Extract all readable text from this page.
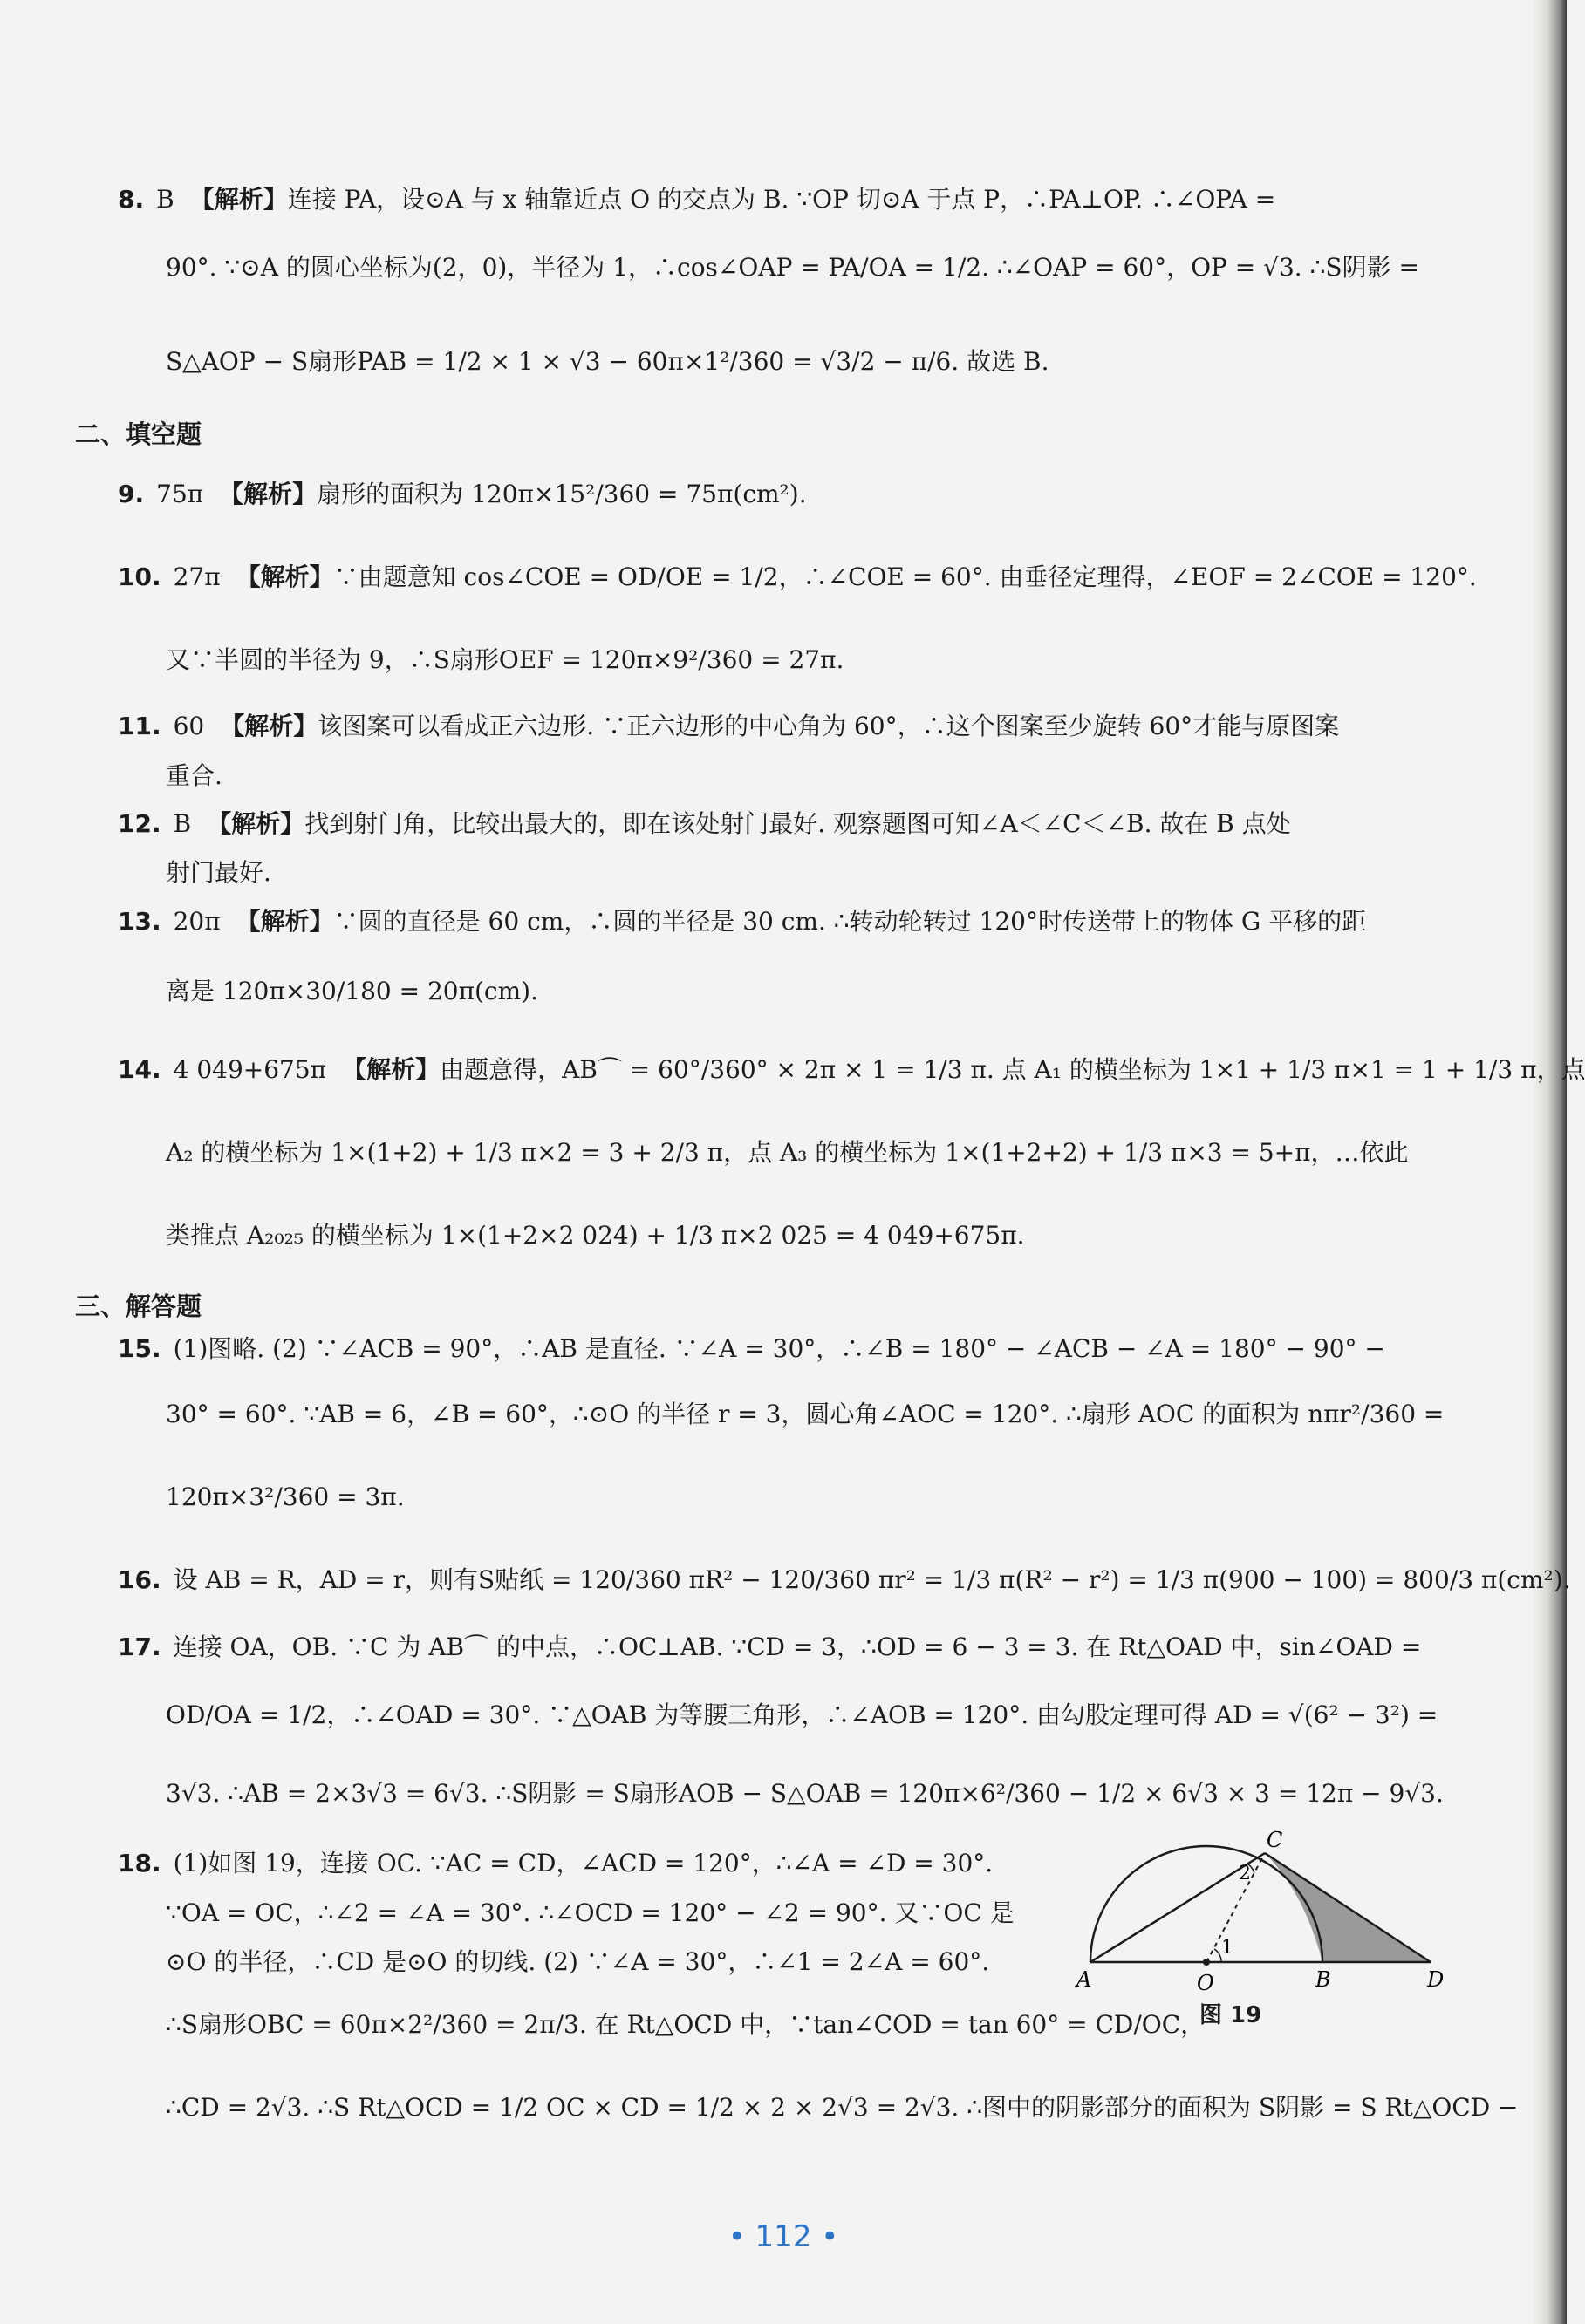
8. B 【解析】连接 PA，设⊙A 与 x 轴靠近点 O 的交点为 B. ∵OP 切⊙A 于点 P，∴PA⊥OP. ∴∠OPA =
90°. ∵⊙A 的圆心坐标为(2，0)，半径为 1，∴cos∠OAP = PA/OA = 1/2. ∴∠OAP = 60°，OP = √3. ∴S阴影 =
S△AOP − S扇形PAB = 1/2 × 1 × √3 − 60π×1²/360 = √3/2 − π/6. 故选 B.
二、填空题
9. 75π 【解析】扇形的面积为 120π×15²/360 = 75π(cm²).
10. 27π 【解析】∵由题意知 cos∠COE = OD/OE = 1/2，∴∠COE = 60°. 由垂径定理得，∠EOF = 2∠COE = 120°.
又∵半圆的半径为 9，∴S扇形OEF = 120π×9²/360 = 27π.
11. 60 【解析】该图案可以看成正六边形. ∵正六边形的中心角为 60°，∴这个图案至少旋转 60°才能与原图案
重合.
12. B 【解析】找到射门角，比较出最大的，即在该处射门最好. 观察题图可知∠A＜∠C＜∠B. 故在 B 点处
射门最好.
13. 20π 【解析】∵圆的直径是 60 cm，∴圆的半径是 30 cm. ∴转动轮转过 120°时传送带上的物体 G 平移的距
离是 120π×30/180 = 20π(cm).
14. 4 049+675π 【解析】由题意得，AB⌒ = 60°/360° × 2π × 1 = 1/3 π. 点 A₁ 的横坐标为 1×1 + 1/3 π×1 = 1 + 1/3 π，点
A₂ 的横坐标为 1×(1+2) + 1/3 π×2 = 3 + 2/3 π，点 A₃ 的横坐标为 1×(1+2+2) + 1/3 π×3 = 5+π，…依此
类推点 A₂₀₂₅ 的横坐标为 1×(1+2×2 024) + 1/3 π×2 025 = 4 049+675π.
三、解答题
15. (1)图略. (2) ∵∠ACB = 90°，∴AB 是直径. ∵∠A = 30°，∴∠B = 180° − ∠ACB − ∠A = 180° − 90° −
30° = 60°. ∵AB = 6，∠B = 60°，∴⊙O 的半径 r = 3，圆心角∠AOC = 120°. ∴扇形 AOC 的面积为 nπr²/360 =
120π×3²/360 = 3π.
16. 设 AB = R，AD = r，则有S贴纸 = 120/360 πR² − 120/360 πr² = 1/3 π(R² − r²) = 1/3 π(900 − 100) = 800/3 π(cm²).
17. 连接 OA，OB. ∵C 为 AB⌒ 的中点，∴OC⊥AB. ∵CD = 3，∴OD = 6 − 3 = 3. 在 Rt△OAD 中，sin∠OAD =
OD/OA = 1/2，∴∠OAD = 30°. ∵△OAB 为等腰三角形，∴∠AOB = 120°. 由勾股定理可得 AD = √(6² − 3²) =
3√3. ∴AB = 2×3√3 = 6√3. ∴S阴影 = S扇形AOB − S△OAB = 120π×6²/360 − 1/2 × 6√3 × 3 = 12π − 9√3.
18. (1)如图 19，连接 OC. ∵AC = CD，∠ACD = 120°，∴∠A = ∠D = 30°.
∵OA = OC，∴∠2 = ∠A = 30°. ∴∠OCD = 120° − ∠2 = 90°. 又∵OC 是
⊙O 的半径，∴CD 是⊙O 的切线. (2) ∵∠A = 30°，∴∠1 = 2∠A = 60°.
∴S扇形OBC = 60π×2²/360 = 2π/3. 在 Rt△OCD 中，∵tan∠COD = tan 60° = CD/OC，
∴CD = 2√3. ∴S Rt△OCD = 1/2 OC × CD = 1/2 × 2 × 2√3 = 2√3. ∴图中的阴影部分的面积为 S阴影 = S Rt△OCD −
A	O	B	D
C
1
2
图 19
• 112 •
